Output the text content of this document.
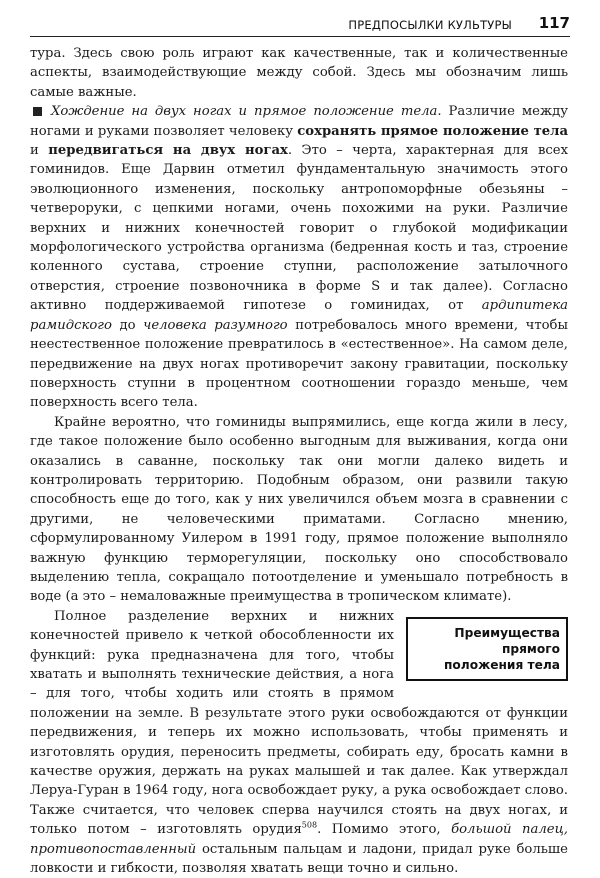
ПРЕДПОСЫЛКИ КУЛЬТУРЫ 117

тура. Здесь свою роль играют как качественные, так и количественные аспекты, взаимодействующие между собой. Здесь мы обозначим лишь самые важные.

Хождение на двух ногах и прямое положение тела. Различие между ногами и руками позволяет человеку сохранять прямое положение тела и передвигаться на двух ногах. Это – черта, характерная для всех гоминидов. Еще Дарвин отметил фундаментальную значимость этого эволюционного изменения, поскольку антропоморфные обезьяны – четвероруки, с цепкими ногами, очень похожими на руки. Различие верхних и нижних конечностей говорит о глубокой модификации морфологического устройства организма (бедренная кость и таз, строение коленного сустава, строение ступни, расположение затылочного отверстия, строение позвоночника в форме S и так далее). Согласно активно поддерживаемой гипотезе о гоминидах, от ардипитека рамидского до человека разумного потребовалось много времени, чтобы неестественное положение превратилось в «естественное». На самом деле, передвижение на двух ногах противоречит закону гравитации, поскольку поверхность ступни в процентном соотношении гораздо меньше, чем поверхность всего тела.

Крайне вероятно, что гоминиды выпрямились, еще когда жили в лесу, где такое положение было особенно выгодным для выживания, когда они оказались в саванне, поскольку так они могли далеко видеть и контролировать территорию. Подобным образом, они развили такую способность еще до того, как у них увеличился объем мозга в сравнении с другими, не человеческими приматами. Согласно мнению, сформулированному Уилером в 1991 году, прямое положение выполняло важную функцию терморегуляции, поскольку оно способствовало выделению тепла, сокращало потоотделение и уменьшало потребность в воде (а это – немаловажные преимущества в тропическом климате).

Преимущества
прямого
положения тела

Полное разделение верхних и нижних конечностей привело к четкой обособленности их функций: рука предназначена для того, чтобы хватать и выполнять технические действия, а нога – для того, чтобы ходить или стоять в прямом положении на земле. В результате этого руки освобождаются от функции передвижения, и теперь их можно использовать, чтобы применять и изготовлять орудия, переносить предметы, собирать еду, бросать камни в качестве оружия, держать на руках малышей и так далее. Как утверждал Леруа-Гуран в 1964 году, нога освобождает руку, а рука освобождает слово. Также считается, что человек сперва научился стоять на двух ногах, и только потом – изготовлять орудия$^{508}$. Помимо этого, большой палец, противопоставленный остальным пальцам и ладони, придал руке больше ловкости и гибкости, позволяя хватать вещи точно и сильно.
